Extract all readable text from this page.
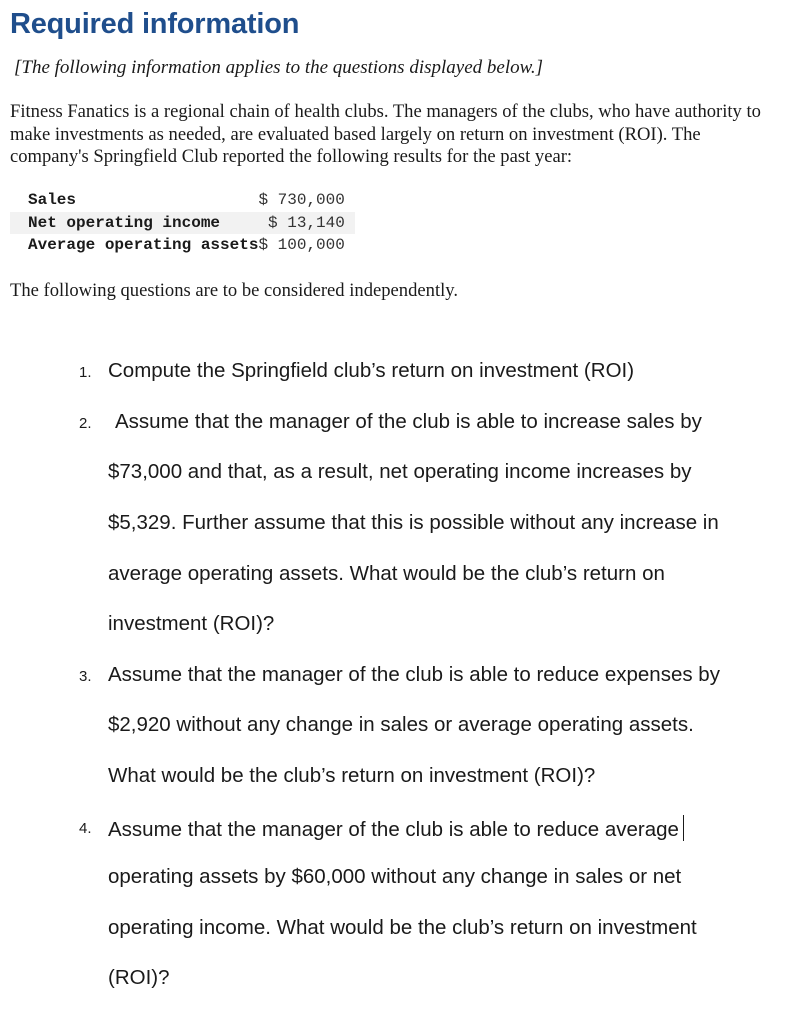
Required information

[The following information applies to the questions displayed below.]

Fitness Fanatics is a regional chain of health clubs. The managers of the clubs, who have authority to make investments as needed, are evaluated based largely on return on investment (ROI). The company's Springfield Club reported the following results for the past year:

Sales	$ 730,000
Net operating income	$ 13,140
Average operating assets	$ 100,000

The following questions are to be considered independently.

1. Compute the Springfield club’s return on investment (ROI)
2. Assume that the manager of the club is able to increase sales by
$73,000 and that, as a result, net operating income increases by
$5,329. Further assume that this is possible without any increase in
average operating assets. What would be the club’s return on
investment (ROI)?
3. Assume that the manager of the club is able to reduce expenses by
$2,920 without any change in sales or average operating assets.
What would be the club’s return on investment (ROI)?
4. Assume that the manager of the club is able to reduce average
operating assets by $60,000 without any change in sales or net
operating income. What would be the club’s return on investment
(ROI)?
